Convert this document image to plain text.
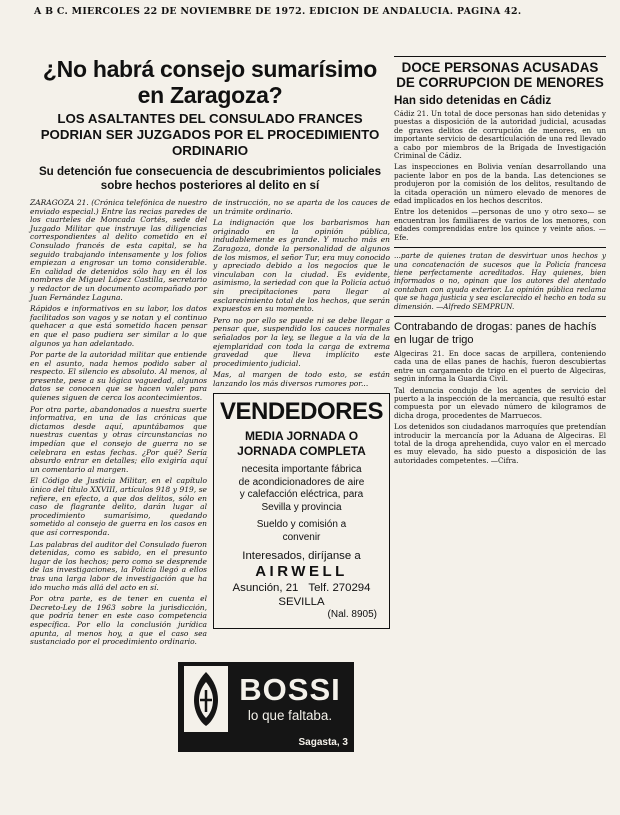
A B C. MIERCOLES 22 DE NOVIEMBRE DE 1972. EDICION DE ANDALUCIA. PAGINA 42.
¿No habrá consejo sumarísimo en Zaragoza?
LOS ASALTANTES DEL CONSULADO FRANCES PODRIAN SER JUZGADOS POR EL PROCEDIMIENTO ORDINARIO
Su detención fue consecuencia de descubrimientos policiales sobre hechos posteriores al delito en sí

ZARAGOZA 21. (Crónica telefónica de nuestro enviado especial.) Entre las recias paredes de los cuarteles de Moncada Cortés, sede del Juzgado Militar que instruye las diligencias correspondientes al delito cometido en el Consulado francés de esta capital, se ha seguido trabajando intensamente y los folios empiezan a engrosar un tomo considerable. En calidad de detenidos sólo hay en él los nombres de Miguel López Castilla, secretario y redactor de un documento acompañado por Juan Fernández Laguna.

Rápidos e informativos en su labor, los datos facilitados son vagos y se notan y el continuo quehacer a que está sometido hacen pensar en que el paso pudiera ser similar a lo que algunos ya han adelantado.

Por parte de la autoridad militar que entiende en el asunto, nada hemos podido saber al respecto. El silencio es absoluto. Al menos, al presente, pese a su lógica vaguedad, algunos datos se conocen que se hacen valer para quienes siguen de cerca los acontecimientos.

Por otra parte, abandonados a nuestra suerte informativa, en una de las crónicas que dictamos desde aquí, apuntábamos que nuestras cuentas y otras circunstancias no impedían que el consejo de guerra no se celebrara en estas fechas. ¿Por qué? Sería absurdo entrar en detalles; ello exigiría aquí un comentario al margen.

El Código de Justicia Militar, en el capítulo único del título XXVIII, artículos 918 y 919, se refiere, en efecto, a que dos delitos, sólo en caso de flagrante delito, darán lugar al procedimiento sumarísimo, quedando sometido al consejo de guerra en los casos en que así corresponda.

Las palabras del auditor del Consulado fueron detenidas, como es sabido, en el presunto lugar de los hechos; pero como se desprende de las investigaciones, la Policía llegó a ellos tras una larga labor de investigación que ha ido mucho más allá del acto en sí.

Por otra parte, es de tener en cuenta el Decreto-Ley de 1963 sobre la jurisdicción, que podría tener en este caso competencia específica. Por ello la conclusión jurídica apunta, al menos hoy, a que el caso sea sustanciado por el procedimiento ordinario.

de instrucción, no se aparta de los cauces de un trámite ordinario.

La indignación que los barbarismos han originado en la opinión pública, indudablemente es grande. Y mucho más en Zaragoza, donde la personalidad de algunos de los mismos, el señor Tur, era muy conocido y apreciado debido a los negocios que le vinculaban con la ciudad. Es evidente, asimismo, la seriedad con que la Policía actuó sin precipitaciones para llegar al esclarecimiento total de los hechos, que serán expuestos en su momento.

Pero no por ello se puede ni se debe llegar a pensar que, suspendido los cauces normales señalados por la ley, se llegue a la vía de la ejemplaridad con toda la carga de extrema gravedad que lleva implícito este procedimiento judicial.

Mas, al margen de todo esto, se están lanzando los más diversos rumores por...

VENDEDORES
MEDIA JORNADA O
JORNADA COMPLETA
necesita importante fábrica
de acondicionadores de aire
y calefacción eléctrica, para
Sevilla y provincia
Sueldo y comisión a
convenir
Interesados, diríjanse a
AIRWELL
Asunción, 21 Telf. 270294
SEVILLA
(Nal. 8905)
BOSSI
lo que faltaba.
Sagasta, 3
DOCE PERSONAS ACUSADAS DE CORRUPCION DE MENORES
Han sido detenidas en Cádiz

Cádiz 21. Un total de doce personas han sido detenidas y puestas a disposición de la autoridad judicial, acusadas de graves delitos de corrupción de menores, en un importante servicio de desarticulación de una red llevado a cabo por miembros de la Brigada de Investigación Criminal de Cádiz.

Las inspecciones en Bolivia venían desarrollando una paciente labor en pos de la banda. Las detenciones se produjeron por la comisión de los delitos, resultando de la citada operación un número elevado de menores de edad implicados en los hechos descritos.

Entre los detenidos —personas de uno y otro sexo— se encuentran los familiares de varios de los menores, con edades comprendidas entre los quince y veinte años. —Efe.

...parte de quienes tratan de desvirtuar unos hechos y una concatenación de sucesos que la Policía francesa tiene perfectamente acreditados. Hay quienes, bien informados o no, opinan que los autores del atentado contaban con ayuda exterior. La opinión pública reclama que se haga justicia y sea esclarecido el hecho en toda su dimensión. —Alfredo SEMPRUN.

Contrabando de drogas: panes de hachís en lugar de trigo

Algeciras 21. En doce sacas de arpillera, conteniendo cada una de ellas panes de hachís, fueron descubiertas entre un cargamento de trigo en el puerto de Algeciras, según informa la Guardia Civil.

Tal denuncia condujo de los agentes de servicio del puerto a la inspección de la mercancía, que resultó estar compuesta por un elevado número de kilogramos de dicha droga, procedentes de Marruecos.

Los detenidos son ciudadanos marroquíes que pretendían introducir la mercancía por la Aduana de Algeciras. El total de la droga aprehendida, cuyo valor en el mercado es muy elevado, ha sido puesto a disposición de las autoridades competentes. —Cifra.
